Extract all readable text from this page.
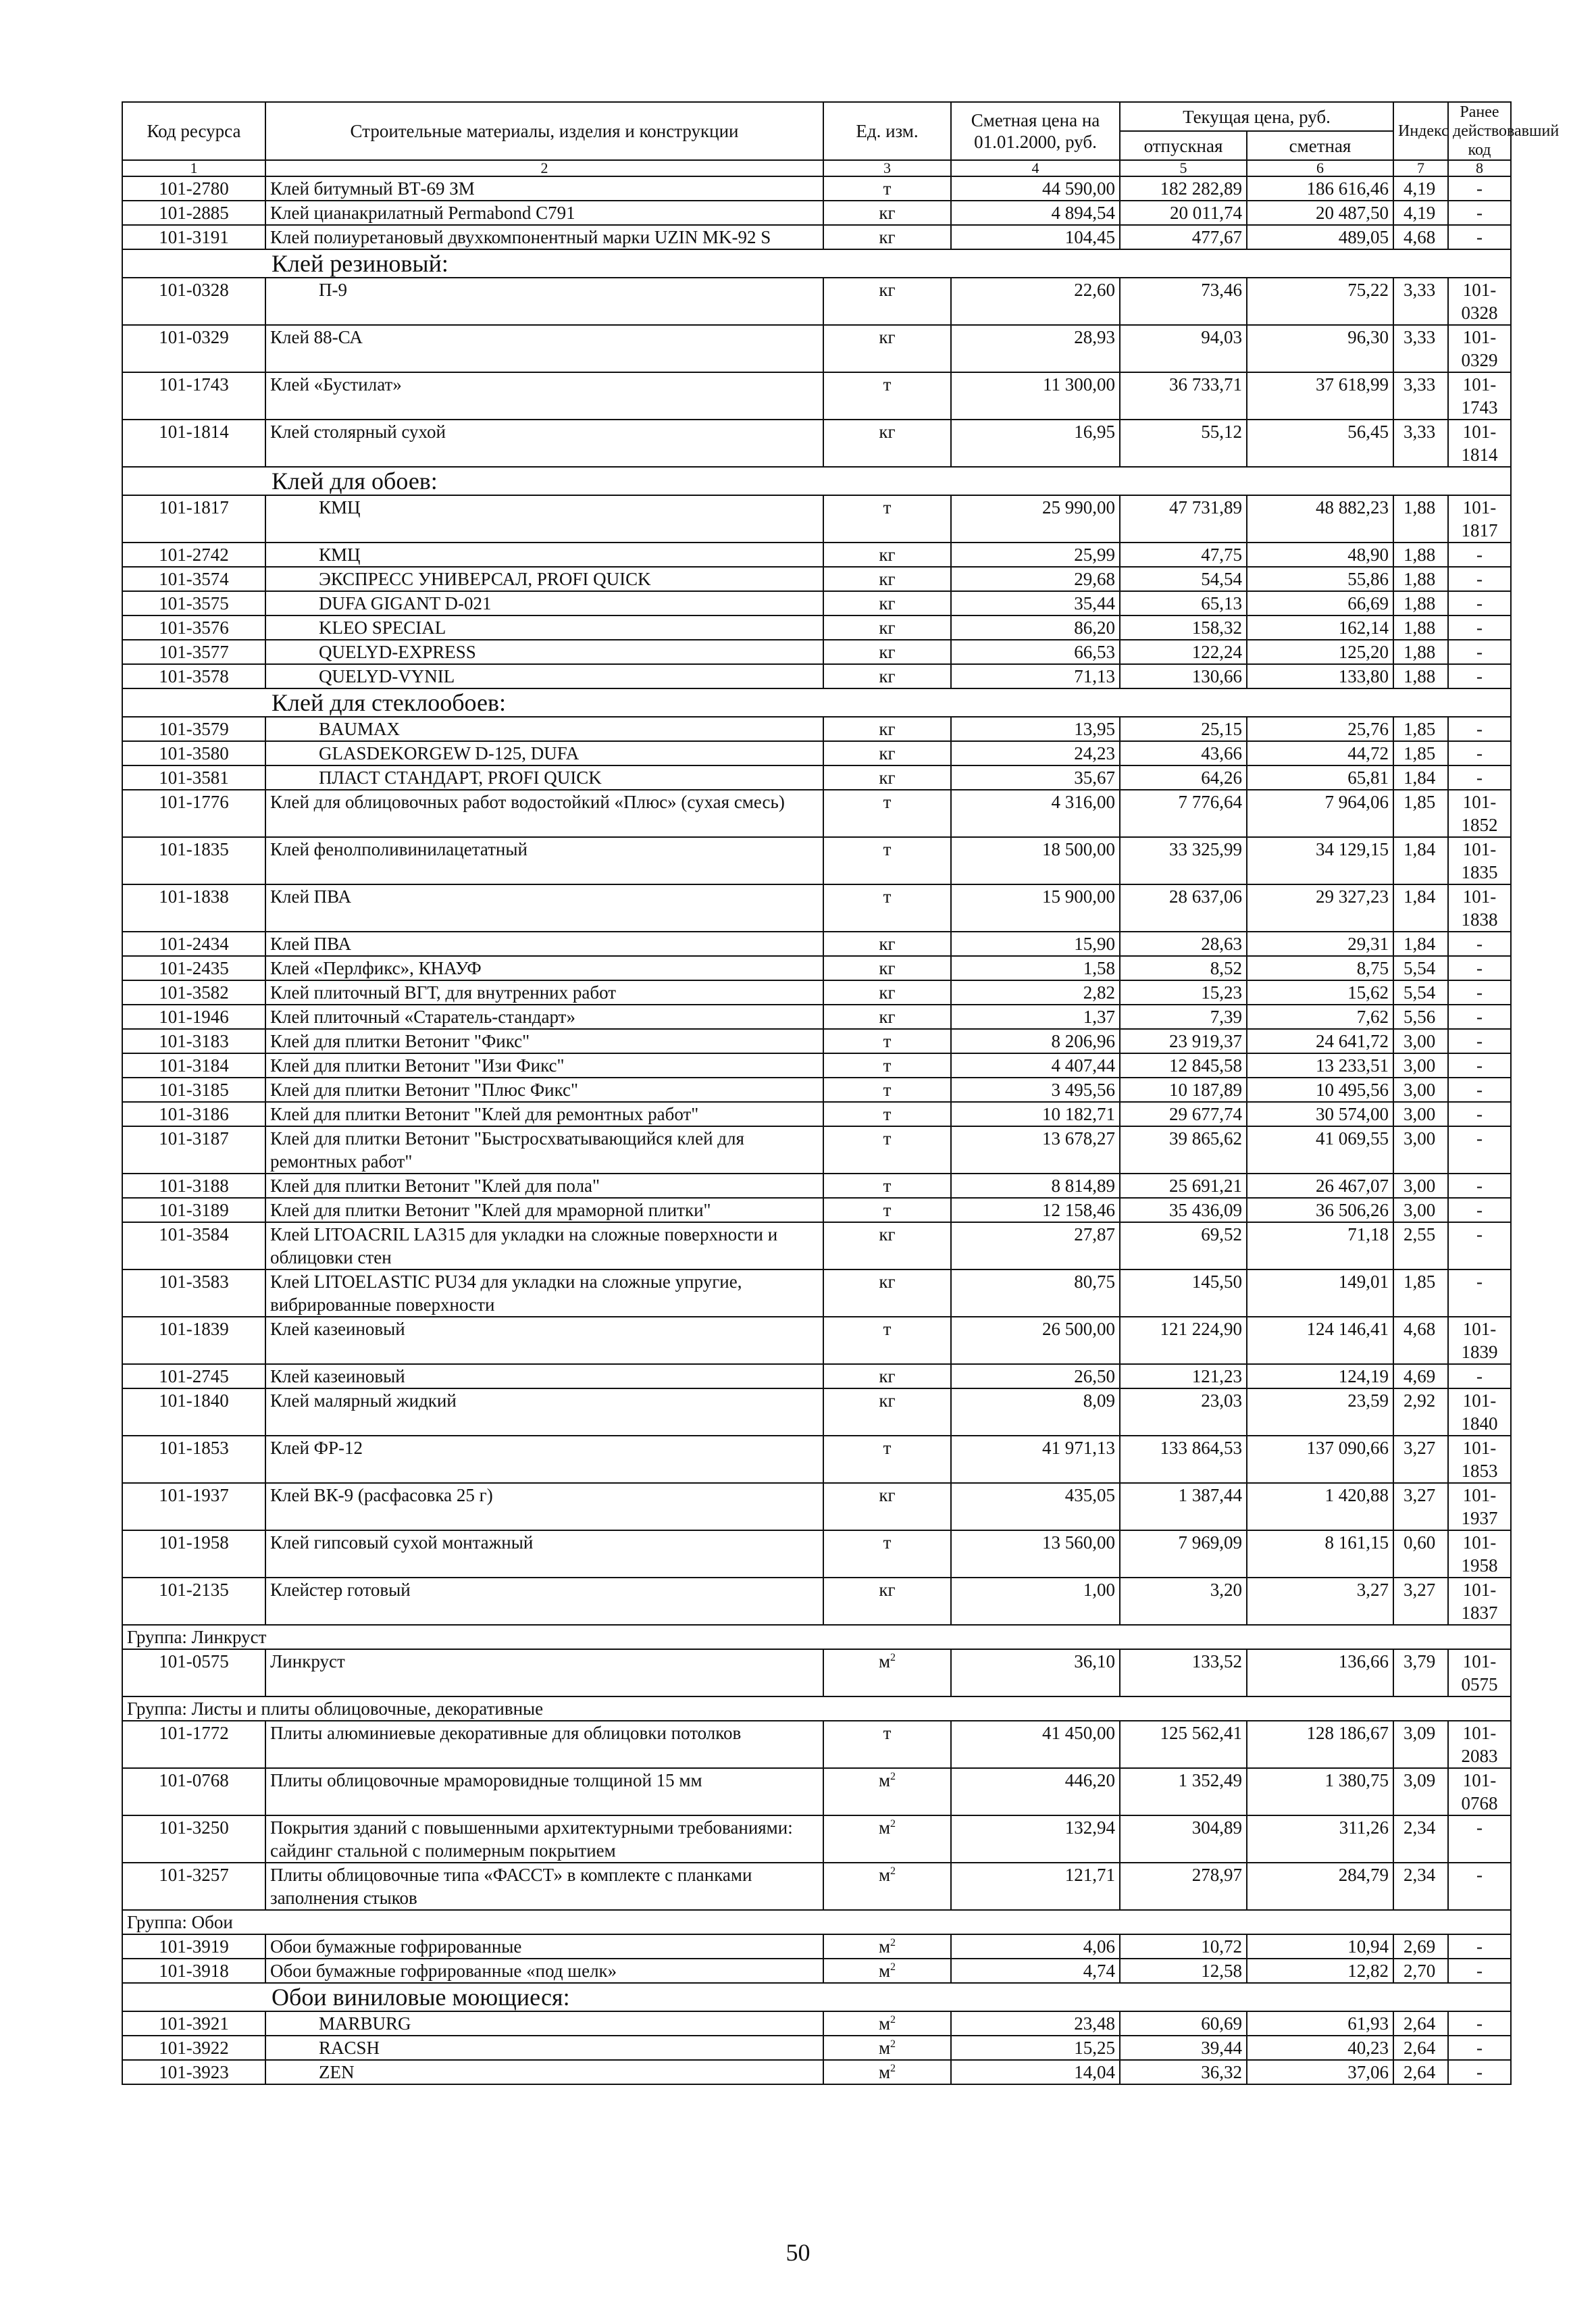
Код ресурса	Строительные материалы, изделия и конструкции	Ед. изм.	Сметная цена на 01.01.2000, руб.	Текущая цена, руб.		Индекс	Ранее действовавший код
				отпускная	сметная		
1	2	3	4	5	6	7	8
101-2780	Клей битумный ВТ-69 ЗМ	т	44 590,00	182 282,89	186 616,46	4,19	-
101-2885	Клей цианакрилатный Permabond C791	кг	4 894,54	20 011,74	20 487,50	4,19	-
101-3191	Клей полиуретановый двухкомпонентный марки UZIN MK-92 S	кг	104,45	477,67	489,05	4,68	-
Клей резиновый:							
101-0328	П-9	кг	22,60	73,46	75,22	3,33	101-0328
101-0329	Клей 88-СА	кг	28,93	94,03	96,30	3,33	101-0329
101-1743	Клей «Бустилат»	т	11 300,00	36 733,71	37 618,99	3,33	101-1743
101-1814	Клей столярный сухой	кг	16,95	55,12	56,45	3,33	101-1814
Клей для обоев:							
101-1817	КМЦ	т	25 990,00	47 731,89	48 882,23	1,88	101-1817
101-2742	КМЦ	кг	25,99	47,75	48,90	1,88	-
101-3574	ЭКСПРЕСС УНИВЕРСАЛ, PROFI QUICK	кг	29,68	54,54	55,86	1,88	-
101-3575	DUFA GIGANT D-021	кг	35,44	65,13	66,69	1,88	-
101-3576	KLEO SPECIAL	кг	86,20	158,32	162,14	1,88	-
101-3577	QUELYD-EXPRESS	кг	66,53	122,24	125,20	1,88	-
101-3578	QUELYD-VYNIL	кг	71,13	130,66	133,80	1,88	-
Клей для стеклообоев:							
101-3579	BAUMAX	кг	13,95	25,15	25,76	1,85	-
101-3580	GLASDEKORGEW D-125, DUFA	кг	24,23	43,66	44,72	1,85	-
101-3581	ПЛАСТ СТАНДАРТ, PROFI QUICK	кг	35,67	64,26	65,81	1,84	-
101-1776	Клей для облицовочных работ водостойкий «Плюс» (сухая смесь)	т	4 316,00	7 776,64	7 964,06	1,85	101-1852
101-1835	Клей фенолполивинилацетатный	т	18 500,00	33 325,99	34 129,15	1,84	101-1835
101-1838	Клей ПВА	т	15 900,00	28 637,06	29 327,23	1,84	101-1838
101-2434	Клей ПВА	кг	15,90	28,63	29,31	1,84	-
101-2435	Клей «Перлфикс», КНАУФ	кг	1,58	8,52	8,75	5,54	-
101-3582	Клей плиточный ВГТ, для внутренних работ	кг	2,82	15,23	15,62	5,54	-
101-1946	Клей плиточный «Старатель-стандарт»	кг	1,37	7,39	7,62	5,56	-
101-3183	Клей для плитки Ветонит "Фикс"	т	8 206,96	23 919,37	24 641,72	3,00	-
101-3184	Клей для плитки Ветонит "Изи Фикс"	т	4 407,44	12 845,58	13 233,51	3,00	-
101-3185	Клей для плитки Ветонит "Плюс Фикс"	т	3 495,56	10 187,89	10 495,56	3,00	-
101-3186	Клей для плитки Ветонит "Клей для ремонтных работ"	т	10 182,71	29 677,74	30 574,00	3,00	-
101-3187	Клей для плитки Ветонит "Быстросхватывающийся клей для ремонтных работ"	т	13 678,27	39 865,62	41 069,55	3,00	-
101-3188	Клей для плитки Ветонит "Клей для пола"	т	8 814,89	25 691,21	26 467,07	3,00	-
101-3189	Клей для плитки Ветонит "Клей для мраморной плитки"	т	12 158,46	35 436,09	36 506,26	3,00	-
101-3584	Клей LITOACRIL LA315 для укладки на сложные поверхности и облицовки стен	кг	27,87	69,52	71,18	2,55	-
101-3583	Клей LITOELASTIC PU34 для укладки на сложные упругие, вибрированные поверхности	кг	80,75	145,50	149,01	1,85	-
101-1839	Клей казеиновый	т	26 500,00	121 224,90	124 146,41	4,68	101-1839
101-2745	Клей казеиновый	кг	26,50	121,23	124,19	4,69	-
101-1840	Клей малярный жидкий	кг	8,09	23,03	23,59	2,92	101-1840
101-1853	Клей ФР-12	т	41 971,13	133 864,53	137 090,66	3,27	101-1853
101-1937	Клей ВК-9 (расфасовка 25 г)	кг	435,05	1 387,44	1 420,88	3,27	101-1937
101-1958	Клей гипсовый сухой монтажный	т	13 560,00	7 969,09	8 161,15	0,60	101-1958
101-2135	Клейстер готовый	кг	1,00	3,20	3,27	3,27	101-1837
Группа: Линкруст							
101-0575	Линкруст	$м^2$	36,10	133,52	136,66	3,79	101-0575
Группа: Листы и плиты облицовочные, декоративные							
101-1772	Плиты алюминиевые декоративные для облицовки потолков	т	41 450,00	125 562,41	128 186,67	3,09	101-2083
101-0768	Плиты облицовочные мраморовидные толщиной 15 мм	$м^2$	446,20	1 352,49	1 380,75	3,09	101-0768
101-3250	Покрытия зданий с повышенными архитектурными требованиями: сайдинг стальной с полимерным покрытием	$м^2$	132,94	304,89	311,26	2,34	-
101-3257	Плиты облицовочные типа «ФАССТ» в комплекте с планками заполнения стыков	$м^2$	121,71	278,97	284,79	2,34	-
Группа: Обои							
101-3919	Обои бумажные гофрированные	$м^2$	4,06	10,72	10,94	2,69	-
101-3918	Обои бумажные гофрированные «под шелк»	$м^2$	4,74	12,58	12,82	2,70	-
Обои виниловые моющиеся:							
101-3921	MARBURG	$м^2$	23,48	60,69	61,93	2,64	-
101-3922	RACSH	$м^2$	15,25	39,44	40,23	2,64	-
101-3923	ZEN	$м^2$	14,04	36,32	37,06	2,64	-
50
